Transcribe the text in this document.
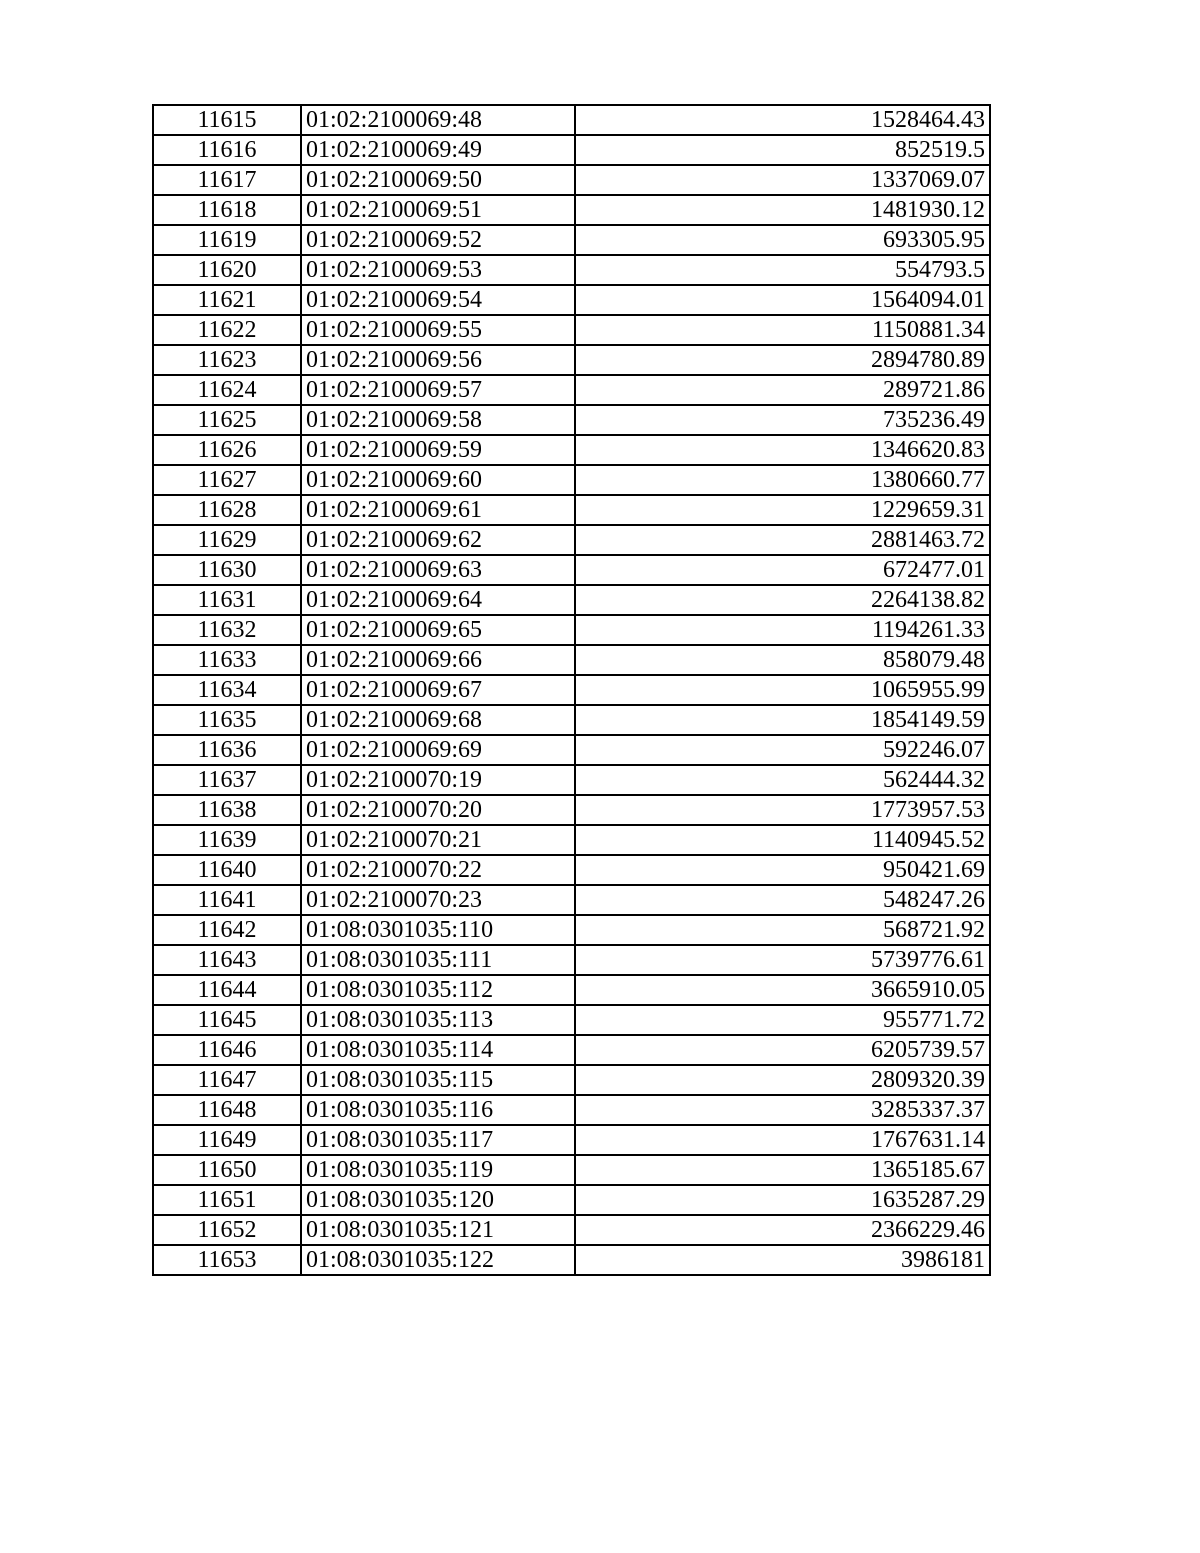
11615	01:02:2100069:48	1528464.43
11616	01:02:2100069:49	852519.5
11617	01:02:2100069:50	1337069.07
11618	01:02:2100069:51	1481930.12
11619	01:02:2100069:52	693305.95
11620	01:02:2100069:53	554793.5
11621	01:02:2100069:54	1564094.01
11622	01:02:2100069:55	1150881.34
11623	01:02:2100069:56	2894780.89
11624	01:02:2100069:57	289721.86
11625	01:02:2100069:58	735236.49
11626	01:02:2100069:59	1346620.83
11627	01:02:2100069:60	1380660.77
11628	01:02:2100069:61	1229659.31
11629	01:02:2100069:62	2881463.72
11630	01:02:2100069:63	672477.01
11631	01:02:2100069:64	2264138.82
11632	01:02:2100069:65	1194261.33
11633	01:02:2100069:66	858079.48
11634	01:02:2100069:67	1065955.99
11635	01:02:2100069:68	1854149.59
11636	01:02:2100069:69	592246.07
11637	01:02:2100070:19	562444.32
11638	01:02:2100070:20	1773957.53
11639	01:02:2100070:21	1140945.52
11640	01:02:2100070:22	950421.69
11641	01:02:2100070:23	548247.26
11642	01:08:0301035:110	568721.92
11643	01:08:0301035:111	5739776.61
11644	01:08:0301035:112	3665910.05
11645	01:08:0301035:113	955771.72
11646	01:08:0301035:114	6205739.57
11647	01:08:0301035:115	2809320.39
11648	01:08:0301035:116	3285337.37
11649	01:08:0301035:117	1767631.14
11650	01:08:0301035:119	1365185.67
11651	01:08:0301035:120	1635287.29
11652	01:08:0301035:121	2366229.46
11653	01:08:0301035:122	3986181
